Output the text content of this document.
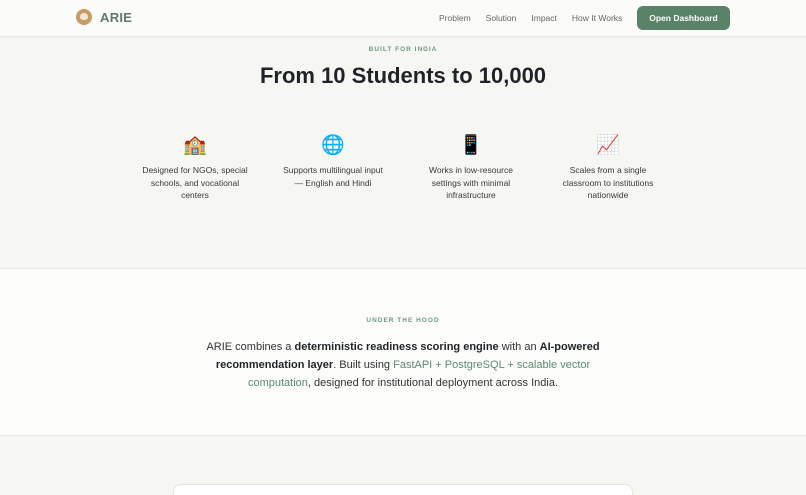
ARIE	Problem Solution Impact How It Works	Open Dashboard
BUILT FOR INDIA
From 10 Students to 10,000
🏫
Designed for NGOs, special schools, and vocational centers
🌐
Supports multilingual input — English and Hindi
📱
Works in low-resource settings with minimal infrastructure
📈
Scales from a single classroom to institutions nationwide
UNDER THE HOOD

ARIE combines a deterministic readiness scoring engine with an AI-powered recommendation layer. Built using FastAPI + PostgreSQL + scalable vector computation, designed for institutional deployment across India.
